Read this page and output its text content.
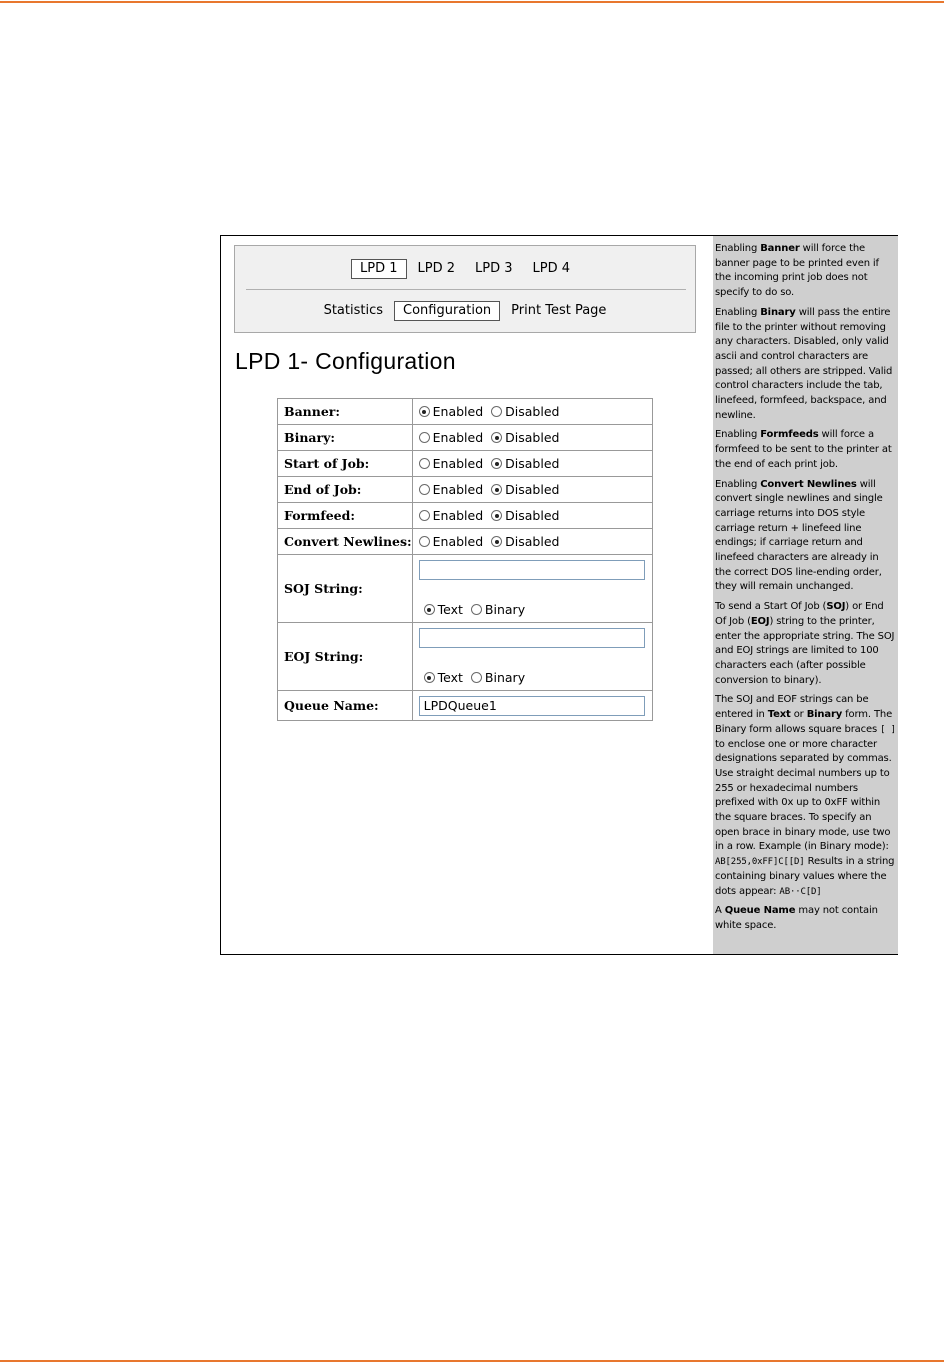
LPD 1	LPD 2	LPD 3	LPD 4
Statistics	Configuration	Print Test Page
LPD 1- Configuration
Banner:	Enabled Disabled

Binary:	Enabled Disabled

Start of Job:	Enabled Disabled

End of Job:	Enabled Disabled

Formfeed:	Enabled Disabled

Convert Newlines:	Enabled Disabled

SOJ String:	Text Binary

EOJ String:	Text Binary

Queue Name:	LPDQueue1

Enabling Banner will force the banner page to be printed even if the incoming print job does not specify to do so.

Enabling Binary will pass the entire file to the printer without removing any characters. Disabled, only valid ascii and control characters are passed; all others are stripped. Valid control characters include the tab, linefeed, formfeed, backspace, and newline.

Enabling Formfeeds will force a formfeed to be sent to the printer at the end of each print job.

Enabling Convert Newlines will convert single newlines and single carriage returns into DOS style carriage return + linefeed line endings; if carriage return and linefeed characters are already in the correct DOS line-ending order, they will remain unchanged.

To send a Start Of Job (SOJ) or End Of Job (EOJ) string to the printer, enter the appropriate string. The SOJ and EOJ strings are limited to 100 characters each (after possible conversion to binary).

The SOJ and EOF strings can be entered in Text or Binary form. The Binary form allows square braces [ ] to enclose one or more character designations separated by commas. Use straight decimal numbers up to 255 or hexadecimal numbers prefixed with 0x up to 0xFF within the square braces. To specify an open brace in binary mode, use two in a row. Example (in Binary mode): AB[255,0xFF]C[[D] Results in a string containing binary values where the dots appear: AB··C[D]

A Queue Name may not contain white space.
